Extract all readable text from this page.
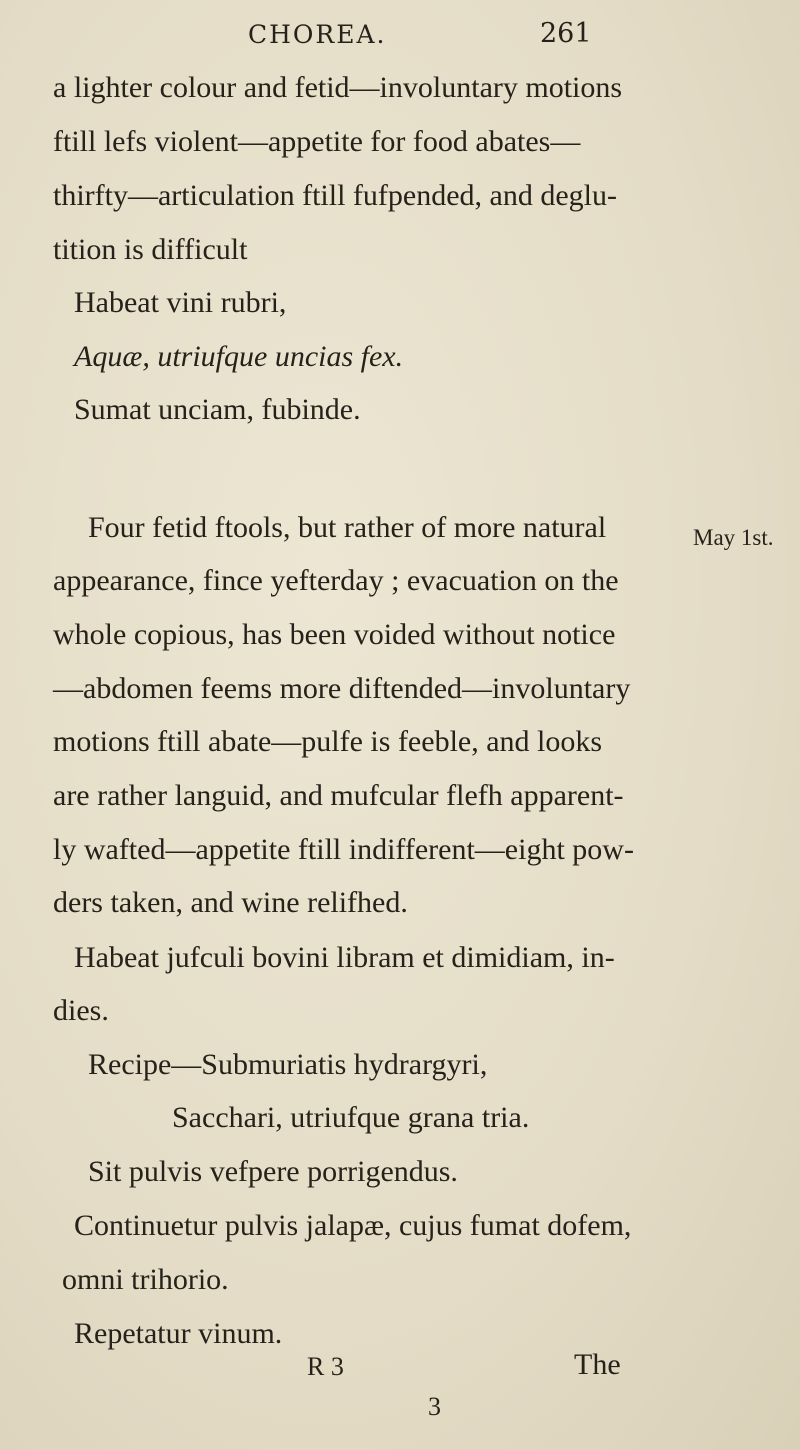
CHOREA.	261
a lighter colour and fetid—involuntary motions
ftill lefs violent—appetite for food abates—
thirfty—articulation ftill fufpended, and deglu-
tition is difficult
Habeat vini rubri,
Aquæ, utriufque uncias fex.
Sumat unciam, fubinde.
Four fetid ftools, but rather of more natural
appearance, fince yefterday ; evacuation on the
whole copious, has been voided without notice
—abdomen feems more diftended—involuntary
motions ftill abate—pulfe is feeble, and looks
are rather languid, and mufcular flefh apparent-
ly wafted—appetite ftill indifferent—eight pow-
ders taken, and wine relifhed.
Habeat jufculi bovini libram et dimidiam, in-
dies.
Recipe—Submuriatis hydrargyri,
Sacchari, utriufque grana tria.
Sit pulvis vefpere porrigendus.
Continuetur pulvis jalapæ, cujus fumat dofem,
omni trihorio.
Repetatur vinum.
May 1st.
R 3	The
3
